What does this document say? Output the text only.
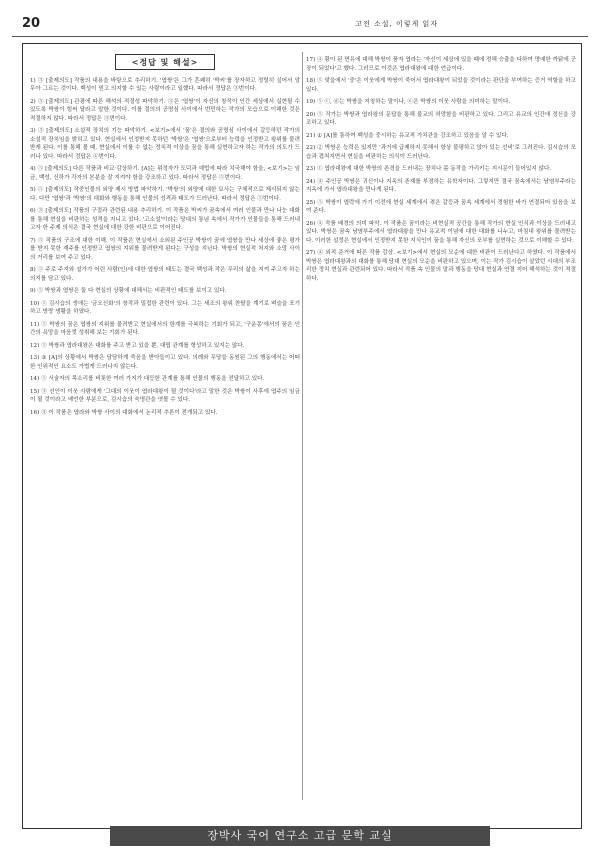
20	고전 소설, 이렇게 읽자
<정답 및 해설>

1) ③ [출제의도] 작품의 내용을 바탕으로 추리하기. '엽쌍'은 그가 흔쾌히 '박씨'를 장자하고 정렬히 싶어서 앙 무아 그르는 것이다. 백성이 믿고 의지할 수 있는 사람이라고 일했다. 따라서 정답은 ③번이다.

2) ③ [출제의도] 관광에 따른 해석의 적절성 파악하기. ③은 '엽쌍'이 자신의 창작이 인간 세상에서 실현될 수 있도록 박쌍이 힘써 달라고 말한 것이다. 이를 절의의 공명심 사이에서 번민하는 작가의 모습으로 이해한 것은 적절하지 않다. 따라서 정답은 ③번이다.

3) ③ [출제의도] 소설적 장치의 기능 파악하기. <보기>에서 '꿈'은 결의와 공명심 사이에서 갈등하던 작가의 소설적 장치임을 밝히고 있다. 현실에서 인정받지 못하던 '박쌍'은 '엽쌍'으로부터 능력을 인정받고 왕위를 물려받게 된다. 이를 통해 볼 때, 현실에서 이룰 수 없는 정치적 이상을 꿈을 통해 실현하고자 하는 작가의 의도가 드러나 있다. 따라서 정답은 ④번이다.

4) ⑤ [출제의도] 다른 작품과 비교·감상하기. [A]는 위정자가 도덕과 예법에 따라 치국해야 함을, <보기>는 임금, 백성, 신하가 각자의 본분을 잘 지켜야 함을 강조하고 있다. 따라서 정답은 ⑤번이다.

5) ⑤ [출제의도] 작중인물의 외양 제시 방법 파악하기. '박쌍'의 외양에 대한 묘사는 구체적으로 제시되지 않는다. 다만 '엽쌍'과 '박쌍'의 대화와 행동을 통해 인물의 성격과 태도가 드러난다. 따라서 정답은 ⑤번이다.

6) ③ [출제의도] 작품의 구절과 관련된 내용 추리하기. 이 작품은 박씨가 꿈속에서 여러 인물과 만나 나눈 대화를 통해 현실을 비판하는 성격을 지니고 있다. '고소설'이라는 당대의 통념 속에서 작가가 인물들을 통해 드러내고자 한 주제 의식은 결국 현실에 대한 강한 비판으로 이어진다.

7) ⑤ 작품의 구조에 대한 이해. 이 작품은 현실에서 소외된 주인공 박쌍이 꿈에 엽쌍을 만나 세상에 좋은 평가를 받지 못한 재주를 인정받고 엽쌍의 지위를 물려받게 된다는 구성을 지닌다. 박쌍의 현실적 처지와 소망 사이의 거리를 보여 주고 있다.

8) ⑤ 주로 주지와 설가가 어린 사람(인)에 대한 엽쌍의 태도는 결국 백성과 작은 무리의 삶을 지켜 주고자 하는 의지를 담고 있다.

9) ⑤ 박쌍과 엽쌍은 둘 다 현실의 상황에 대해서는 비판적인 태도를 보이고 있다.

10) ⑤ 김시습의 생애는 '금오신화'의 창작과 밀접한 관련이 있다. 그는 세조의 왕위 찬탈을 계기로 벼슬을 포기하고 방랑 생활을 하였다.

11) ⑤ 박쌍의 꿈은 엽쌍의 지위를 물려받고 현실에서의 한계를 극복하는 기회가 되고, '구운몽'에서의 꿈은 인간의 욕망을 마음껏 성취해 보는 기회가 된다.

12) ⑤ 박쌍과 엽라대왕은 대화를 주고 받고 있을 뿐, 대립 관계를 형성하고 있지는 않다.

13) ③ [A]의 상황에서 박쌍은 담담하게 죽음을 받아들이고 있다. 의례와 무당들 동원된 그의 행동에서는 어떠한 인위적인 요소도 가볍게 드러나지 않는다.

14) ⑤ 서술자의 목소리를 비롯한 여러 가지가 대등한 관계를 통해 인물의 행동을 전달하고 있다.

15) ③ 선인이 이웃 사람에게 '그대의 이웃이 엽라대왕이 될 것이다'라고 말한 것은 박쌍이 사후에 엽주의 임금이 될 것이라고 예언한 부분으로, 김시습의 숙명관을 엿볼 수 있다.

16) ③ 이 작품은 엽라와 박쌍 사이의 대화에서 논리적 추론이 전개되고 있다.

17) ④ 황이 된 면유에 대해 박쌍이 품자 엽라는 '자신이 세상에 있을 때에 정해 승출을 다하여 명예한 까닭에 군장이 되었다'고 했다. 그러므로 이것은 엽라대왕에 대한 언급이다.

18) ⑤ 맞을에서 '중'은 이웃에게 박쌍이 죽어서 엽라대왕이 되었을 것이라는 판단을 부여하는 증거 역할을 하고 있다.

19) ⑤ ⓒ, ⓓ는 박쌍을 지칭하는 말이나, ⓔ은 박쌍의 이웃 사람을 의미하는 말이다.

20) ⑤ 작가는 박쌍과 엽라왕의 문답을 통해 불교의 허망함을 비판하고 있다. 그리고 유교의 인간애 정신을 강조하고 있다.

21) ① [A]를 통하여 백성을 중시하는 유교적 가치관을 강조하고 있음을 알 수 있다.

22) ② 박쌍은 능력은 있지만 '과거에 급제하지 못해서 항상 불평하고 앉아 있는 선비'로 그려진다. 김시습의 모습과 겹쳐지면서 현실을 비판하는 의식이 드러난다.

23) ① 엽라대왕에 대한 박쌍의 존경을 드러내는 장치나 몸 동작을 가리키는 지시문이 들어있지 않다.

24) ④ 주인공 박쌍은 귀신이나 지옥의 존재를 부정하는 유학자이다. 그렇지만 결국 꿈속에서는 남염부주라는 지옥에 가서 엽라대왕을 만나게 된다.

25) ⑤ 박쌍이 엽락에 가기 이전에 현실 세계에서 겪은 갈등과 꿈속 세계에서 경험한 바가 연결되어 있음을 보여 준다.

26) ④ 작품 배경의 의미 파악. 이 작품은 꿈이라는 비현실적 공간을 통해 작가의 현실 인식과 이상을 드러내고 있다. 박쌍은 꿈속 남염부주에서 엽라대왕을 만나 유교적 이념에 대한 대화를 나누고, 마침내 왕위를 물려받는다. 이러한 설정은 현실에서 인정받지 못한 지식인이 꿈을 통해 자신의 포부를 실현하는 것으로 이해할 수 있다.

27) ④ 외적 준거에 따른 작품 감상. <보기>에서 현실의 모순에 대한 비판이 드러난다고 하였다. 이 작품에서 박쌍은 엽라대왕과의 대화를 통해 당대 현실의 모순을 비판하고 있으며, 이는 작가 김시습이 살았던 시대의 부조리한 정치 현실과 관련되어 있다. 따라서 작품 속 인물의 말과 행동을 당대 현실과 연결 지어 해석하는 것이 적절하다.

장박사 국어 연구소 고급 문학 교실
